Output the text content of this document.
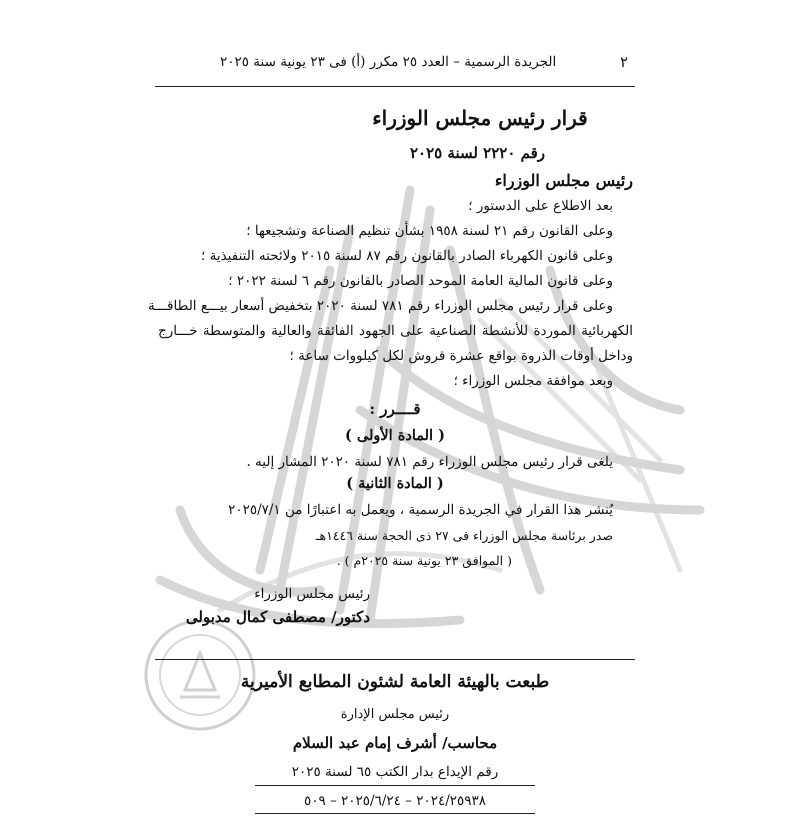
٢
الجريدة الرسمية – العدد ٢٥ مكرر (أ) فى ٢٣ يونية سنة ٢٠٢٥
قرار رئيس مجلس الوزراء
رقم ٢٢٢٠ لسنة ٢٠٢٥
رئيس مجلس الوزراء
بعد الاطلاع على الدستور ؛
وعلى القانون رقم ٢١ لسنة ١٩٥٨ بشأن تنظيم الصناعة وتشجيعها ؛
وعلى قانون الكهرباء الصادر بالقانون رقم ٨٧ لسنة ٢٠١٥ ولائحته التنفيذية ؛
وعلى قانون المالية العامة الموحد الصادر بالقانون رقم ٦ لسنة ٢٠٢٢ ؛
وعلى قرار رئيس مجلس الوزراء رقم ٧٨١ لسنة ٢٠٢٠ بتخفيض أسعار بيـــع الطاقـــة
الكهربائية الموردة للأنشطة الصناعية على الجهود الفائقة والعالية والمتوسطة خـــارج
وداخل أوقات الذروة بواقع عشرة قروش لكل كيلووات ساعة ؛
وبعد موافقة مجلس الوزراء ؛
قــــرر :
( المادة الأولى )
يلغى قرار رئيس مجلس الوزراء رقم ٧٨١ لسنة ٢٠٢٠ المشار إليه .
( المادة الثانية )
يُنشر هذا القرار في الجريدة الرسمية ، ويعمل به اعتبارًا من ٢٠٢٥/٧/١
صدر برئاسة مجلس الوزراء فى ٢٧ ذى الحجة سنة ١٤٤٦هـ
( الموافق ٢٣ يونية سنة ٢٠٢٥م ) .
رئيس مجلس الوزراء
دكتور/ مصطفى كمال مدبولى
طبعت بالهيئة العامة لشئون المطابع الأميرية
رئيس مجلس الإدارة
محاسب/ أشرف إمام عبد السلام
رقم الإيداع بدار الكتب ٦٥ لسنة ٢٠٢٥
٢٠٢٤/٢٥٩٣٨ – ٢٠٢٥/٦/٢٤ – ٥٠٩
